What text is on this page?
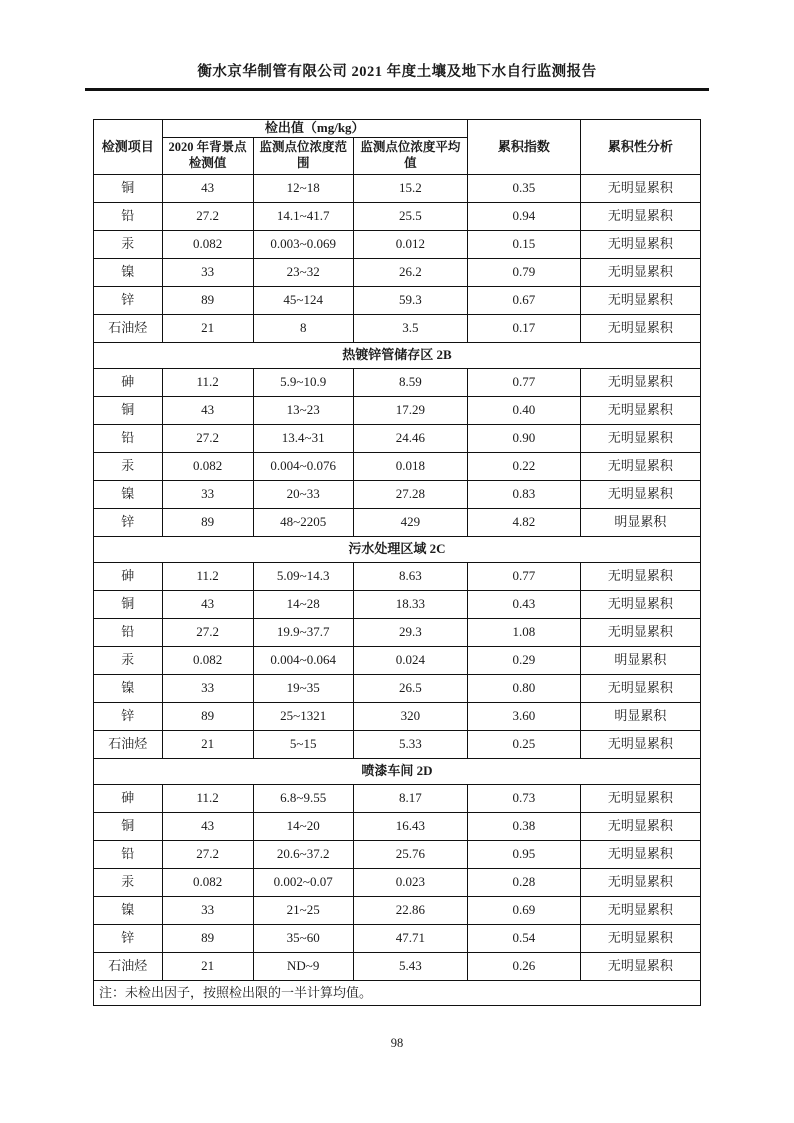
衡水京华制管有限公司 2021 年度土壤及地下水自行监测报告
检测项目	检出值（mg/kg）			累积指数	累积性分析
	2020 年背景点检测值	监测点位浓度范围	监测点位浓度平均值		
铜	43	12~18	15.2	0.35	无明显累积
铅	27.2	14.1~41.7	25.5	0.94	无明显累积
汞	0.082	0.003~0.069	0.012	0.15	无明显累积
镍	33	23~32	26.2	0.79	无明显累积
锌	89	45~124	59.3	0.67	无明显累积
石油烃	21	8	3.5	0.17	无明显累积
热镀锌管储存区 2B					
砷	11.2	5.9~10.9	8.59	0.77	无明显累积
铜	43	13~23	17.29	0.40	无明显累积
铅	27.2	13.4~31	24.46	0.90	无明显累积
汞	0.082	0.004~0.076	0.018	0.22	无明显累积
镍	33	20~33	27.28	0.83	无明显累积
锌	89	48~2205	429	4.82	明显累积
污水处理区域 2C					
砷	11.2	5.09~14.3	8.63	0.77	无明显累积
铜	43	14~28	18.33	0.43	无明显累积
铅	27.2	19.9~37.7	29.3	1.08	无明显累积
汞	0.082	0.004~0.064	0.024	0.29	明显累积
镍	33	19~35	26.5	0.80	无明显累积
锌	89	25~1321	320	3.60	明显累积
石油烃	21	5~15	5.33	0.25	无明显累积
喷漆车间 2D					
砷	11.2	6.8~9.55	8.17	0.73	无明显累积
铜	43	14~20	16.43	0.38	无明显累积
铅	27.2	20.6~37.2	25.76	0.95	无明显累积
汞	0.082	0.002~0.07	0.023	0.28	无明显累积
镍	33	21~25	22.86	0.69	无明显累积
锌	89	35~60	47.71	0.54	无明显累积
石油烃	21	ND~9	5.43	0.26	无明显累积
注：未检出因子，按照检出限的一半计算均值。					
98
